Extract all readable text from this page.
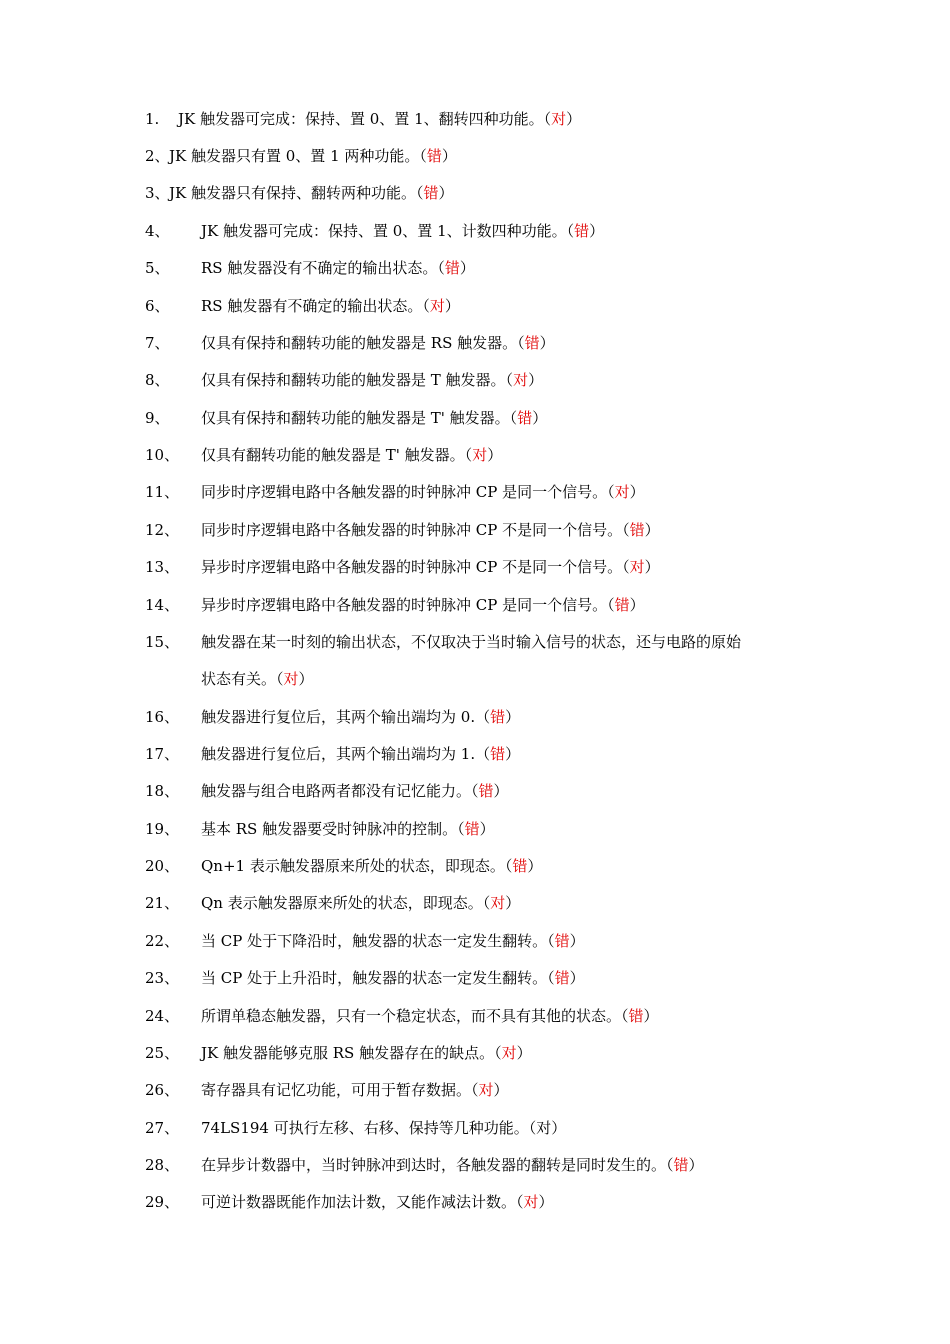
1. JK 触发器可完成：保持、置 0、置 1、翻转四种功能。（对）
2、 JK 触发器只有置 0、置 1 两种功能。（错）
3、 JK 触发器只有保持、翻转两种功能。（错）
4、 JK 触发器可完成：保持、置 0、置 1、计数四种功能。（错）
5、 RS 触发器没有不确定的输出状态。（错）
6、 RS 触发器有不确定的输出状态。（对）
7、 仅具有保持和翻转功能的触发器是 RS 触发器。（错）
8、 仅具有保持和翻转功能的触发器是 T 触发器。（对）
9、 仅具有保持和翻转功能的触发器是 T' 触发器。（错）
10、 仅具有翻转功能的触发器是 T' 触发器。（对）
11、 同步时序逻辑电路中各触发器的时钟脉冲 CP 是同一个信号。（对）
12、 同步时序逻辑电路中各触发器的时钟脉冲 CP 不是同一个信号。（错）
13、 异步时序逻辑电路中各触发器的时钟脉冲 CP 不是同一个信号。（对）
14、 异步时序逻辑电路中各触发器的时钟脉冲 CP 是同一个信号。（错）
15、 触发器在某一时刻的输出状态，不仅取决于当时输入信号的状态，还与电路的原始
状态有关。（对）
16、 触发器进行复位后，其两个输出端均为 0.（错）
17、 触发器进行复位后，其两个输出端均为 1.（错）
18、 触发器与组合电路两者都没有记忆能力。（错）
19、 基本 RS 触发器要受时钟脉冲的控制。（错）
20、 Qn+1 表示触发器原来所处的状态，即现态。（错）
21、 Qn 表示触发器原来所处的状态，即现态。（对）
22、 当 CP 处于下降沿时，触发器的状态一定发生翻转。（错）
23、 当 CP 处于上升沿时，触发器的状态一定发生翻转。（错）
24、 所谓单稳态触发器，只有一个稳定状态，而不具有其他的状态。（错）
25、 JK 触发器能够克服 RS 触发器存在的缺点。（对）
26、 寄存器具有记忆功能，可用于暂存数据。（对）
27、 74LS194 可执行左移、右移、保持等几种功能。（对）
28、 在异步计数器中，当时钟脉冲到达时，各触发器的翻转是同时发生的。（错）
29、 可逆计数器既能作加法计数，又能作减法计数。（对）
